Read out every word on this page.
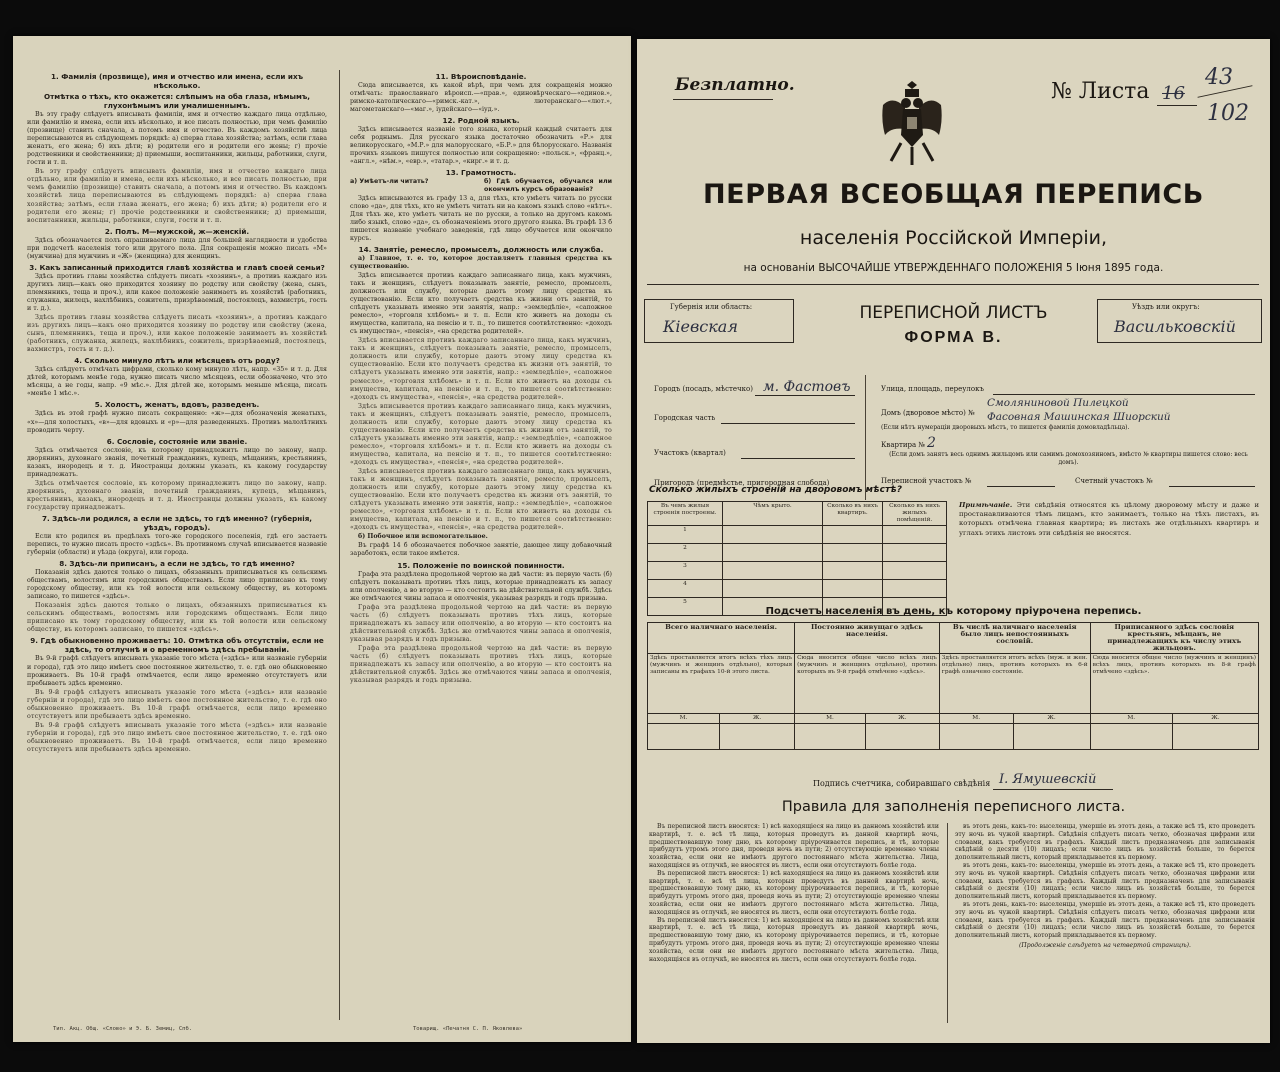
1. Фамилія (прозвище), имя и отчество или имена, если ихъ нѣсколько.
Отмѣтка о тѣхъ, кто окажется: слѣпымъ на оба глаза, нѣмымъ, глухонѣмымъ или умалишеннымъ.

Въ эту графу слѣдуетъ вписывать фамиліи, имя и отчество каждаго лица отдѣльно, или фамилію и имена, если ихъ нѣсколько, и все писать полностью, при чемъ фамилію (прозвище) ставить сначала, а потомъ имя и отчество. Въ каждомъ хозяйствѣ лица переписываются въ слѣдующемъ порядкѣ: а) сперва глава хозяйства; затѣмъ, если глава женатъ, его жена; б) ихъ дѣти; в) родители его и родители его жены; г) прочіе родственники и свойственники; д) приемыши, воспитанники, жильцы, работники, слуги, гости и т. п.

Въ эту графу слѣдуетъ вписывать фамиліи, имя и отчество каждаго лица отдѣльно, или фамилію и имена, если ихъ нѣсколько, и все писать полностью, при чемъ фамилію (прозвище) ставить сначала, а потомъ имя и отчество. Въ каждомъ хозяйствѣ лица переписываются въ слѣдующемъ порядкѣ: а) сперва глава хозяйства; затѣмъ, если глава женатъ, его жена; б) ихъ дѣти; в) родители его и родители его жены; г) прочіе родственники и свойственники; д) приемыши, воспитанники, жильцы, работники, слуги, гости и т. п.

2. Полъ. М—мужской, ж—женскій.

Здѣсь обозначается полъ опрашиваемаго лица для большей наглядности и удобства при подсчетѣ населенія того или другого пола. Для сокращенія можно писать «М» (мужчина) для мужчинъ и «Ж» (женщина) для женщинъ.

3. Какъ записанный приходится главѣ хозяйства и главѣ своей семьи?

Здѣсь противъ главы хозяйства слѣдуетъ писать «хозяинъ», а противъ каждаго изъ другихъ лицъ—какъ оно приходится хозяину по родству или свойству (жена, сынъ, племянникъ, теща и проч.), или какое положеніе занимаетъ въ хозяйствѣ (работникъ, служанка, жилецъ, нахлѣбникъ, сожитель, призрѣваемый, постоялецъ, вахмистръ, гость и т. д.).

Здѣсь противъ главы хозяйства слѣдуетъ писать «хозяинъ», а противъ каждаго изъ другихъ лицъ—какъ оно приходится хозяину по родству или свойству (жена, сынъ, племянникъ, теща и проч.), или какое положеніе занимаетъ въ хозяйствѣ (работникъ, служанка, жилецъ, нахлѣбникъ, сожитель, призрѣваемый, постоялецъ, вахмистръ, гость и т. д.).

4. Сколько минуло лѣтъ или мѣсяцевъ отъ роду?

Здѣсь слѣдуетъ отмѣчать цифрами, сколько кому минуло лѣтъ, напр. «35» и т. д. Для дѣтей, которымъ менѣе года, нужно писать число мѣсяцевъ, если обозначено, что это мѣсяцы, а не годы, напр. «9 мѣс.». Для дѣтей же, которымъ меньше мѣсяца, писать «менѣе 1 мѣс.».

5. Холостъ, женатъ, вдовъ, разведенъ.

Здѣсь въ этой графѣ нужно писать сокращенно: «ж»—для обозначенія женатыхъ, «х»—для холостыхъ, «в»—для вдовыхъ и «р»—для разведенныхъ. Противъ малолѣтнихъ проводить черту.

6. Сословіе, состояніе или званіе.

Здѣсь отмѣчается сословіе, къ которому принадлежитъ лицо по закону, напр. дворянинъ, духовнаго званія, почетный гражданинъ, купецъ, мѣщанинъ, крестьянинъ, казакъ, инородецъ и т. д. Иностранцы должны указать, къ какому государству принадлежатъ.

Здѣсь отмѣчается сословіе, къ которому принадлежитъ лицо по закону, напр. дворянинъ, духовнаго званія, почетный гражданинъ, купецъ, мѣщанинъ, крестьянинъ, казакъ, инородецъ и т. д. Иностранцы должны указать, къ какому государству принадлежатъ.

7. Здѣсь-ли родился, а если не здѣсь, то гдѣ именно? (губернія, уѣздъ, городъ).

Если кто родился въ предѣлахъ того-же городского поселенія, гдѣ его застаетъ перепись, то нужно писать просто «здѣсь». Въ противномъ случаѣ вписывается названіе губерніи (области) и уѣзда (округа), или города.

8. Здѣсь-ли приписанъ, а если не здѣсь, то гдѣ именно?

Показанія здѣсь даются только о лицахъ, обязанныхъ приписываться къ сельскимъ обществамъ, волостямъ или городскимъ обществамъ. Если лицо приписано къ тому городскому обществу, или къ той волости или сельскому обществу, въ которомъ записано, то пишется «здѣсь».

Показанія здѣсь даются только о лицахъ, обязанныхъ приписываться къ сельскимъ обществамъ, волостямъ или городскимъ обществамъ. Если лицо приписано къ тому городскому обществу, или къ той волости или сельскому обществу, въ которомъ записано, то пишется «здѣсь».

9. Гдѣ обыкновенно проживаетъ: 10. Отмѣтка объ отсутствіи, если не здѣсь, то отлучнѣ и о временномъ здѣсь пребываніи.

Въ 9-й графѣ слѣдуетъ вписывать указаніе того мѣста («здѣсь» или названіе губерніи и города), гдѣ это лицо имѣетъ свое постоянное жительство, т. е. гдѣ оно обыкновенно проживаетъ. Въ 10-й графѣ отмѣчается, если лицо временно отсутствуетъ или пребываетъ здѣсь временно.

Въ 9-й графѣ слѣдуетъ вписывать указаніе того мѣста («здѣсь» или названіе губерніи и города), гдѣ это лицо имѣетъ свое постоянное жительство, т. е. гдѣ оно обыкновенно проживаетъ. Въ 10-й графѣ отмѣчается, если лицо временно отсутствуетъ или пребываетъ здѣсь временно.

Въ 9-й графѣ слѣдуетъ вписывать указаніе того мѣста («здѣсь» или названіе губерніи и города), гдѣ это лицо имѣетъ свое постоянное жительство, т. е. гдѣ оно обыкновенно проживаетъ. Въ 10-й графѣ отмѣчается, если лицо временно отсутствуетъ или пребываетъ здѣсь временно.

11. Вѣроисповѣданіе.

Сюда вписывается, къ какой вѣрѣ, при чемъ для сокращенія можно отмѣчать: православнаго вѣроисп.—«прав.», единовѣрческаго—«единов.», римско-католическаго—«римск.-кат.», лютеранскаго—«лют.», магометанскаго—«маг.», іудейскаго—«іуд.».

12. Родной языкъ.

Здѣсь вписывается названіе того языка, который каждый считаетъ для себя роднымъ. Для русскаго языка достаточно обозначить «Р.» для великорусскаго, «М.Р.» для малорусскаго, «Б.Р.» для бѣлорусскаго. Названія прочихъ языковъ пишутся полностью или сокращенно: «польск.», «франц.», «англ.», «нѣм.», «евр.», «татар.», «кирг.» и т. д.

13. Грамотность.
а) Умѣетъ-ли читать?	б) Гдѣ обучается, обучался или окончилъ курсъ образованія?

Здѣсь вписываются въ графу 13 а, для тѣхъ, кто умѣетъ читать по русски слово «да», для тѣхъ, кто не умѣетъ читать ни на какомъ языкѣ слово «нѣтъ». Для тѣхъ же, кто умѣетъ читать не по русски, а только на другомъ какомъ либо языкѣ, слово «да», съ обозначеніемъ этого другого языка. Въ графѣ 13 б пишется названіе учебнаго заведенія, гдѣ лицо обучается или окончило курсъ.

14. Занятіе, ремесло, промыселъ, должность или служба.

а) Главное, т. е. то, которое доставляетъ главныя средства къ существованію.

Здѣсь вписывается противъ каждаго записаннаго лица, какъ мужчинъ, такъ и женщинъ, слѣдуетъ показывать занятіе, ремесло, промыселъ, должность или службу, которые даютъ этому лицу средства къ существованію. Если кто получаетъ средства къ жизни отъ занятій, то слѣдуетъ указывать именно эти занятія, напр.: «земледѣліе», «сапожное ремесло», «торговля хлѣбомъ» и т. п. Если кто живетъ на доходы съ имущества, капитала, на пенсію и т. п., то пишется соотвѣтственно: «доходъ съ имущества», «пенсія», «на средства родителей».

Здѣсь вписывается противъ каждаго записаннаго лица, какъ мужчинъ, такъ и женщинъ, слѣдуетъ показывать занятіе, ремесло, промыселъ, должность или службу, которые даютъ этому лицу средства къ существованію. Если кто получаетъ средства къ жизни отъ занятій, то слѣдуетъ указывать именно эти занятія, напр.: «земледѣліе», «сапожное ремесло», «торговля хлѣбомъ» и т. п. Если кто живетъ на доходы съ имущества, капитала, на пенсію и т. п., то пишется соотвѣтственно: «доходъ съ имущества», «пенсія», «на средства родителей».

Здѣсь вписывается противъ каждаго записаннаго лица, какъ мужчинъ, такъ и женщинъ, слѣдуетъ показывать занятіе, ремесло, промыселъ, должность или службу, которые даютъ этому лицу средства къ существованію. Если кто получаетъ средства къ жизни отъ занятій, то слѣдуетъ указывать именно эти занятія, напр.: «земледѣліе», «сапожное ремесло», «торговля хлѣбомъ» и т. п. Если кто живетъ на доходы съ имущества, капитала, на пенсію и т. п., то пишется соотвѣтственно: «доходъ съ имущества», «пенсія», «на средства родителей».

Здѣсь вписывается противъ каждаго записаннаго лица, какъ мужчинъ, такъ и женщинъ, слѣдуетъ показывать занятіе, ремесло, промыселъ, должность или службу, которые даютъ этому лицу средства къ существованію. Если кто получаетъ средства къ жизни отъ занятій, то слѣдуетъ указывать именно эти занятія, напр.: «земледѣліе», «сапожное ремесло», «торговля хлѣбомъ» и т. п. Если кто живетъ на доходы съ имущества, капитала, на пенсію и т. п., то пишется соотвѣтственно: «доходъ съ имущества», «пенсія», «на средства родителей».

б) Побочное или вспомогательное.

Въ графѣ 14 б обозначается побочное занятіе, дающее лицу добавочный заработокъ, если такое имѣется.

15. Положеніе по воинской повинности.

Графа эта раздѣлена продольной чертою на двѣ части: въ первую часть (б) слѣдуетъ показывать противъ тѣхъ лицъ, которые принадлежатъ къ запасу или ополченію, а во вторую — кто состоитъ на дѣйствительной службѣ. Здѣсь же отмѣчаются чины запаса и ополченія, указывая разрядъ и годъ призыва.

Графа эта раздѣлена продольной чертою на двѣ части: въ первую часть (б) слѣдуетъ показывать противъ тѣхъ лицъ, которые принадлежатъ къ запасу или ополченію, а во вторую — кто состоитъ на дѣйствительной службѣ. Здѣсь же отмѣчаются чины запаса и ополченія, указывая разрядъ и годъ призыва.

Графа эта раздѣлена продольной чертою на двѣ части: въ первую часть (б) слѣдуетъ показывать противъ тѣхъ лицъ, которые принадлежатъ къ запасу или ополченію, а во вторую — кто состоитъ на дѣйствительной службѣ. Здѣсь же отмѣчаются чины запаса и ополченія, указывая разрядъ и годъ призыва.

Тип. Акц. Общ. «Слово» и Э. Б. Земиц, Спб.	Товарищ. «Печатня С. П. Яковлева»
Безплатно.	№ Листа 16
43
102
ПЕРВАЯ ВСЕОБЩАЯ ПЕРЕПИСЬ
населенія Россійской Имперіи,
на основаніи ВЫСОЧАЙШЕ УТВЕРЖДЕННАГО ПОЛОЖЕНІЯ 5 Іюня 1895 года.
ПЕРЕПИСНОЙ ЛИСТЪ
ФОРМА В.
Губернія или область:
Кіевская
Уѣздъ или округъ:
Васильковскій
Городъ (посадъ, мѣстечко) м. Фастовъ
Городская часть
Участокъ (квартал)
Пригородъ (предмѣстье, пригородная слобода)
Улица, площадь, переулокъ
Домъ (дворовое мѣсто) №
Смоляниновой Пилецкой
Фасовная Машинская Шиорский
(Если нѣтъ нумераціи дворовыхъ мѣстъ, то пишется фамилія домовладѣльца).
Квартира № 2
(Если домъ занятъ весь однимъ жильцомъ или самимъ домохозяиномъ, вмѣсто № квартиры пишется слово: весь домъ).
Переписной участокъ №	Счетный участокъ №
Сколько жилыхъ строеній на дворовомъ мѣстѣ?
Въ чемъ жилыя строенія построены.	Чѣмъ крыто.	Сколько въ нихъ квартиръ.	Сколько въ нихъ жилыхъ помѣщеній.
1			
2			
3			
4			
5			
Примѣчаніе. Эти свѣдѣнія относятся къ цѣлому дворовому мѣсту и даже и простанавливаются тѣмъ лицамъ, кто занимаетъ, только на тѣхъ листахъ, въ которыхъ отмѣчена главная квартира; въ листахъ же отдѣльныхъ квартиръ и углахъ этихъ листовъ эти свѣдѣнія не вносятся.
Подсчетъ населенія въ день, къ которому пріурочена перепись.
Всего наличнаго населенія.		Постоянно живущаго здѣсь населенія.		Въ числѣ наличнаго населенія было лицъ непостоянныхъ сословій.		Приписанного здѣсь сословія крестьянъ, мѣщанъ, не принадлежащихъ къ числу этихъ жильцовъ.	
Здѣсь проставляется итогъ всѣхъ тѣхъ лицъ (мужчинъ и женщинъ отдѣльно), которыя записаны въ графахъ 10-й этого листа.		Сюда вносится общее число всѣхъ лицъ (мужчинъ и женщинъ отдѣльно), противъ которыхъ въ 9-й графѣ отмѣчено «здѣсь».		Здѣсь проставляется итогъ всѣхъ (муж. и жен. отдѣльно) лицъ, противъ которыхъ въ 6-й графѣ означено состояніе.		Сюда вносится общее число (мужчинъ и женщинъ) всѣхъ лицъ, противъ которыхъ въ 8-й графѣ отмѣчено «здѣсь».	
М.	Ж.	М.	Ж.	М.	Ж.	М.	Ж.

Подпись счетчика, собиравшаго свѣдѣнія І. Ямушевскій
Правила для заполненія переписного листа.

Въ переписной листъ вносятся: 1) всѣ находящіеся на лицо въ данномъ хозяйствѣ или квартирѣ, т. е. всѣ тѣ лица, которыя проведутъ въ данной квартирѣ ночь, предшествовавшую тому дню, къ которому пріурочивается перепись, и тѣ, которые прибудутъ утромъ этого дня, проведя ночь въ пути; 2) отсутствующіе временно члены хозяйства, если они не имѣютъ другого постояннаго мѣста жительства. Лица, находящіяся въ отлучкѣ, не вносятся въ листъ, если они отсутствуютъ болѣе года.

Въ переписной листъ вносятся: 1) всѣ находящіеся на лицо въ данномъ хозяйствѣ или квартирѣ, т. е. всѣ тѣ лица, которыя проведутъ въ данной квартирѣ ночь, предшествовавшую тому дню, къ которому пріурочивается перепись, и тѣ, которые прибудутъ утромъ этого дня, проведя ночь въ пути; 2) отсутствующіе временно члены хозяйства, если они не имѣютъ другого постояннаго мѣста жительства. Лица, находящіяся въ отлучкѣ, не вносятся въ листъ, если они отсутствуютъ болѣе года.

Въ переписной листъ вносятся: 1) всѣ находящіеся на лицо въ данномъ хозяйствѣ или квартирѣ, т. е. всѣ тѣ лица, которыя проведутъ въ данной квартирѣ ночь, предшествовавшую тому дню, къ которому пріурочивается перепись, и тѣ, которые прибудутъ утромъ этого дня, проведя ночь въ пути; 2) отсутствующіе временно члены хозяйства, если они не имѣютъ другого постояннаго мѣста жительства. Лица, находящіяся въ отлучкѣ, не вносятся въ листъ, если они отсутствуютъ болѣе года.

въ этотъ день, какъ-то: выселенцы, умершіе въ этотъ день, а также всѣ тѣ, кто проведетъ эту ночь въ чужой квартирѣ. Свѣдѣнія слѣдуетъ писать четко, обозначая цифрами или словами, какъ требуется въ графахъ. Каждый листъ предназначенъ для записыванія свѣдѣній о десяти (10) лицахъ; если число лицъ въ хозяйствѣ больше, то берется дополнительный листъ, который прикладывается къ первому.

въ этотъ день, какъ-то: выселенцы, умершіе въ этотъ день, а также всѣ тѣ, кто проведетъ эту ночь въ чужой квартирѣ. Свѣдѣнія слѣдуетъ писать четко, обозначая цифрами или словами, какъ требуется въ графахъ. Каждый листъ предназначенъ для записыванія свѣдѣній о десяти (10) лицахъ; если число лицъ въ хозяйствѣ больше, то берется дополнительный листъ, который прикладывается къ первому.

въ этотъ день, какъ-то: выселенцы, умершіе въ этотъ день, а также всѣ тѣ, кто проведетъ эту ночь въ чужой квартирѣ. Свѣдѣнія слѣдуетъ писать четко, обозначая цифрами или словами, какъ требуется въ графахъ. Каждый листъ предназначенъ для записыванія свѣдѣній о десяти (10) лицахъ; если число лицъ въ хозяйствѣ больше, то берется дополнительный листъ, который прикладывается къ первому.

(Продолженіе слѣдуетъ на четвертой страницѣ).
